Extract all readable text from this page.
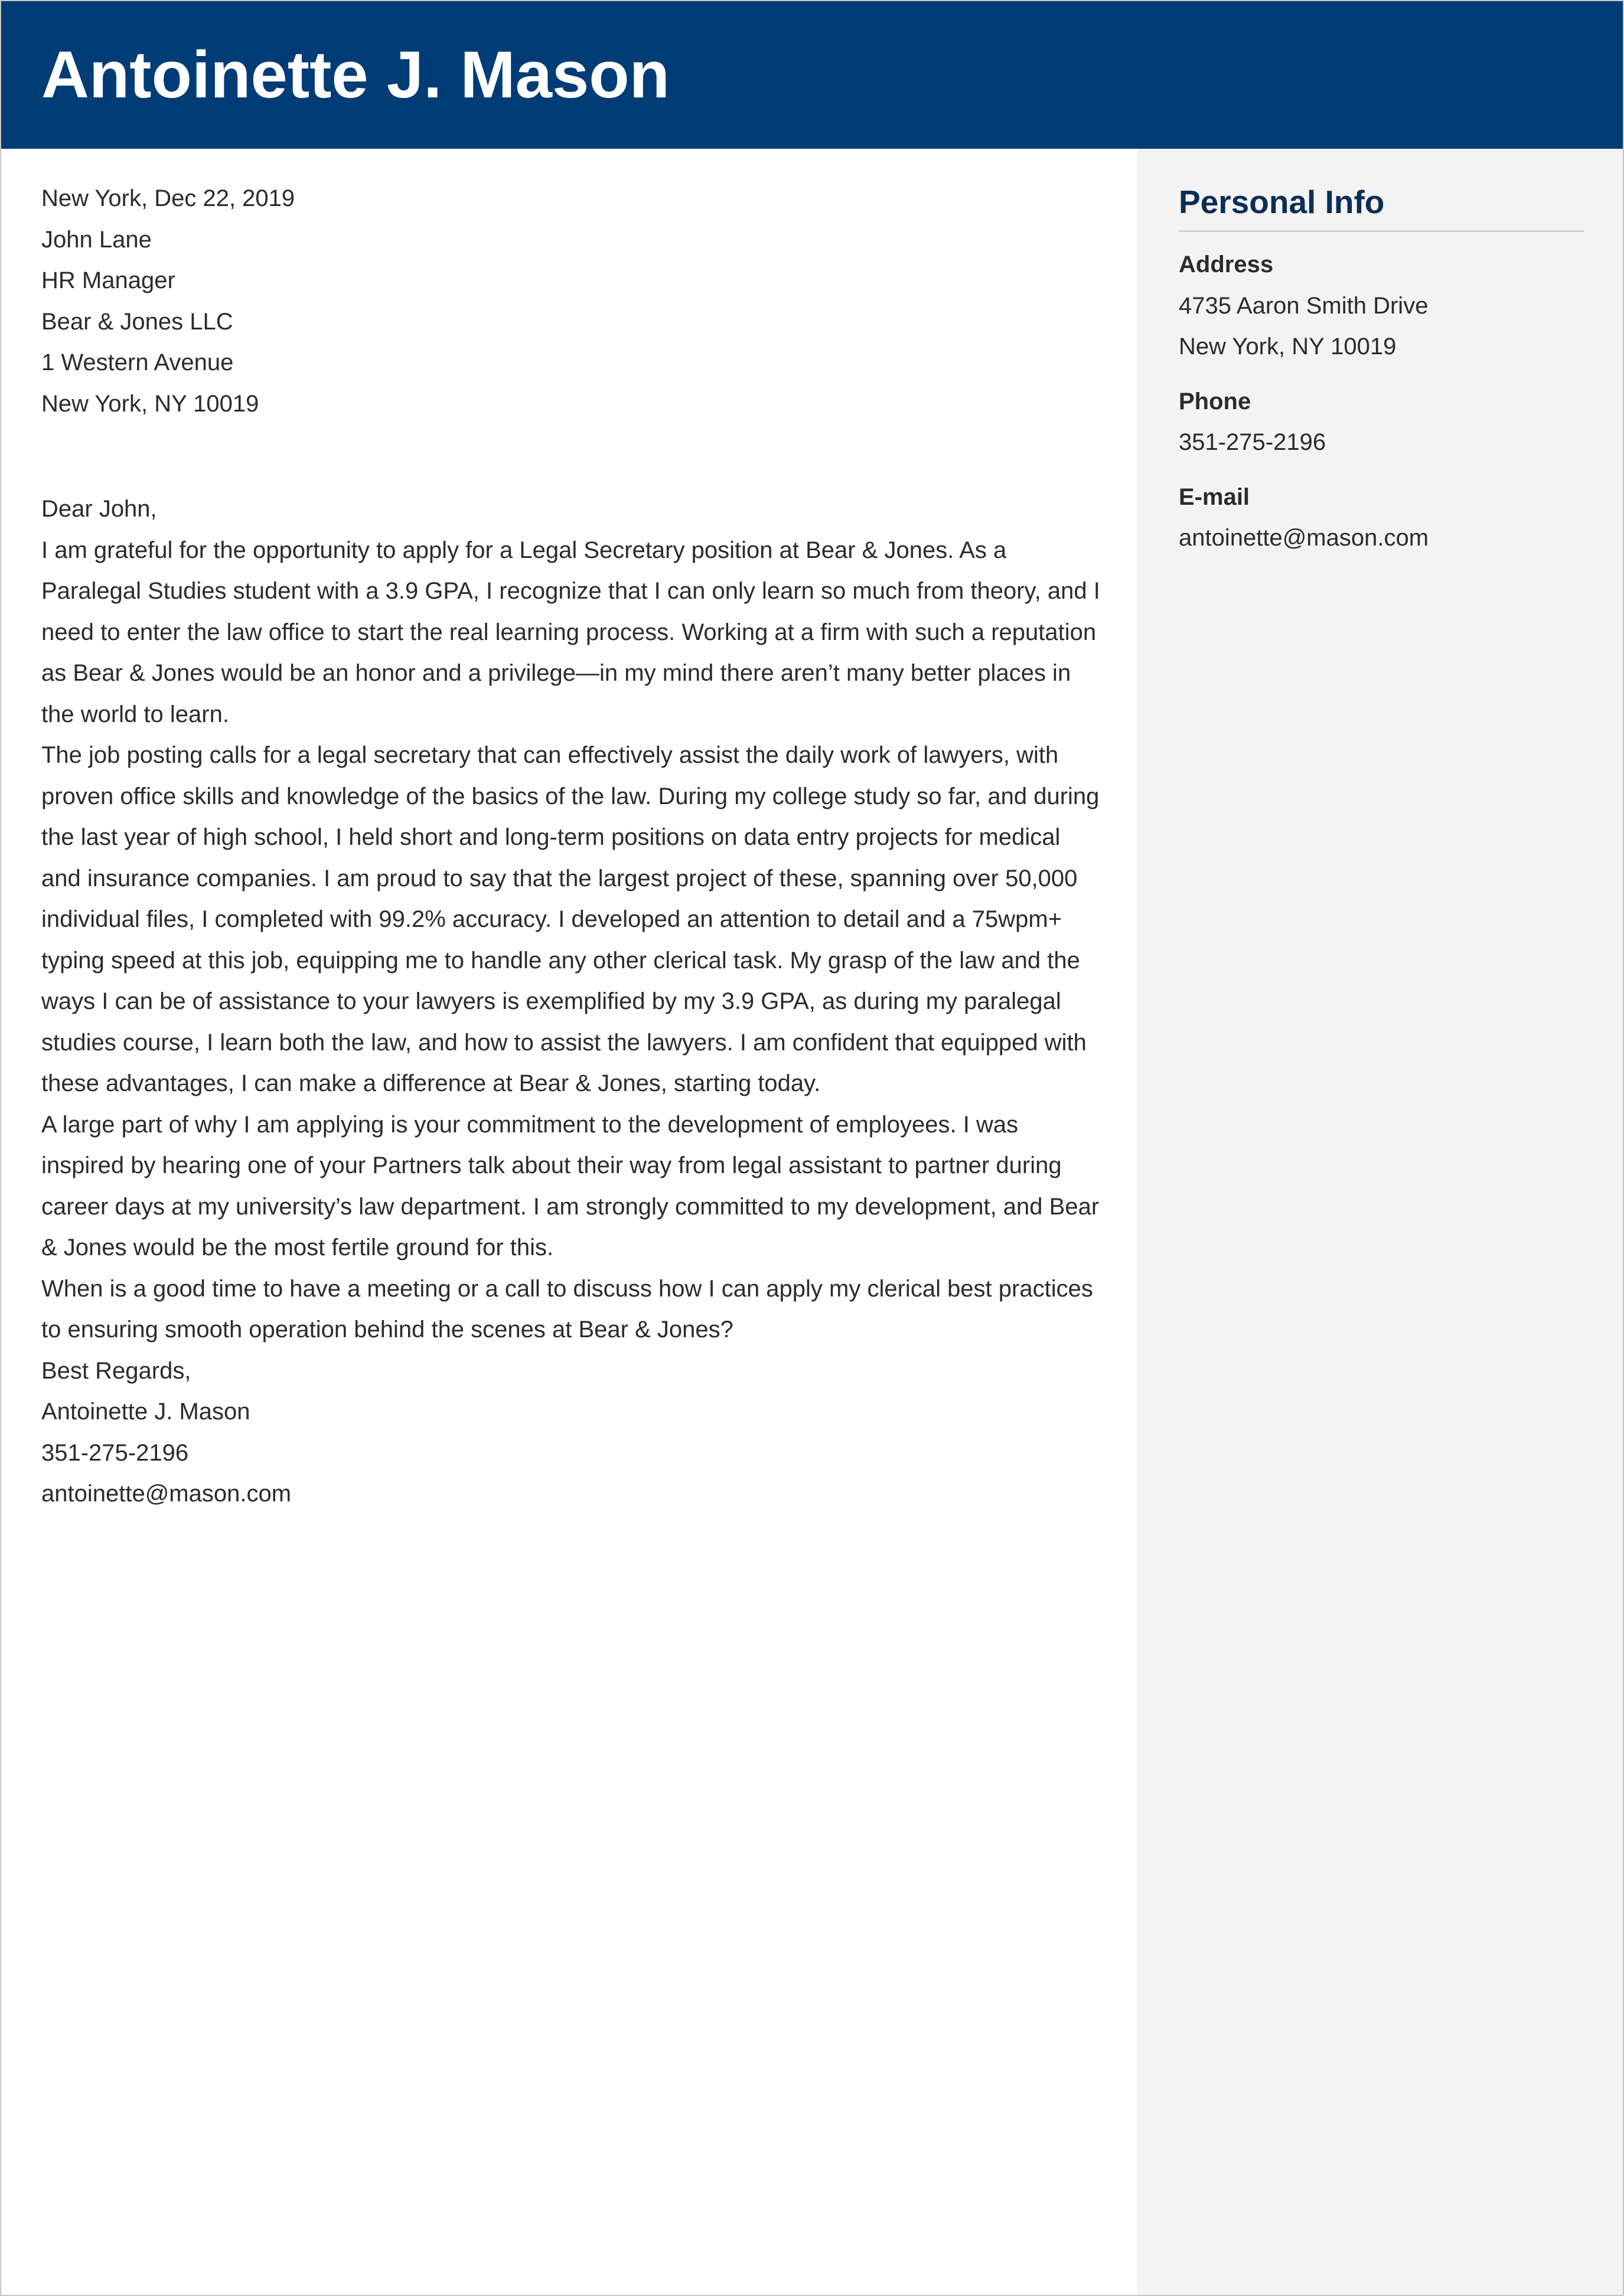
Antoinette J. Mason

New York, Dec 22, 2019

John Lane

HR Manager

Bear & Jones LLC

1 Western Avenue

New York, NY 10019

Dear John,

I am grateful for the opportunity to apply for a Legal Secretary position at Bear & Jones. As a Paralegal Studies student with a 3.9 GPA, I recognize that I can only learn so much from theory, and I need to enter the law office to start the real learning process. Working at a firm with such a reputation as Bear & Jones would be an honor and a privilege—in my mind there aren’t many better places in the world to learn.

The job posting calls for a legal secretary that can effectively assist the daily work of lawyers, with proven office skills and knowledge of the basics of the law. During my college study so far, and during the last year of high school, I held short and long-term positions on data entry projects for medical and insurance companies. I am proud to say that the largest project of these, spanning over 50,000 individual files, I completed with 99.2% accuracy. I developed an attention to detail and a 75wpm+ typing speed at this job, equipping me to handle any other clerical task. My grasp of the law and the ways I can be of assistance to your lawyers is exemplified by my 3.9 GPA, as during my paralegal studies course, I learn both the law, and how to assist the lawyers. I am confident that equipped with these advantages, I can make a difference at Bear & Jones, starting today.

A large part of why I am applying is your commitment to the development of employees. I was inspired by hearing one of your Partners talk about their way from legal assistant to partner during career days at my university’s law department. I am strongly committed to my development, and Bear & Jones would be the most fertile ground for this.

When is a good time to have a meeting or a call to discuss how I can apply my clerical best practices to ensuring smooth operation behind the scenes at Bear & Jones?

Best Regards,

Antoinette J. Mason

351-275-2196

antoinette@mason.com

Personal Info

Address

4735 Aaron Smith Drive

New York, NY 10019

Phone

351-275-2196

E-mail

antoinette@mason.com
